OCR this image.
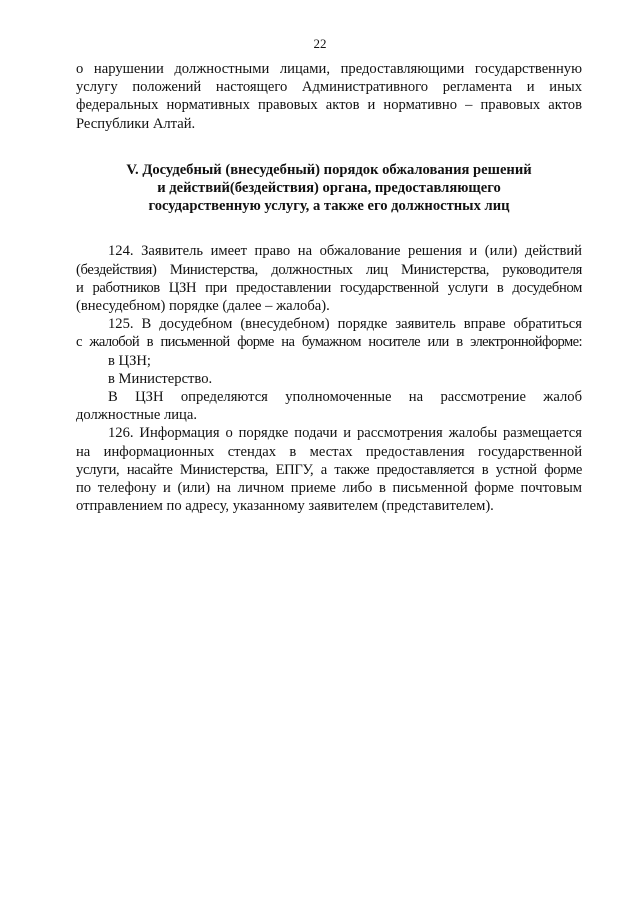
22

о нарушении должностными лицами, предоставляющими государственную
услугу положений настоящего Административного регламента и иных
федеральных нормативных правовых актов и нормативно – правовых актов
Республики Алтай.

V. Досудебный (внесудебный) порядок обжалования решений
и действий(бездействия) органа, предоставляющего
государственную услугу, а также его должностных лиц

124. Заявитель имеет право на обжалование решения и (или) действий
(бездействия) Министерства, должностных лиц Министерства, руководителя
и работников ЦЗН при предоставлении государственной услуги в досудебном
(внесудебном) порядке (далее – жалоба).

125. В досудебном (внесудебном) порядке заявитель вправе обратиться
с жалобой в письменной форме на бумажном носителе или в электроннойформе:

в ЦЗН;

в Министерство.

В ЦЗН определяются уполномоченные на рассмотрение жалоб
должностные лица.

126. Информация о порядке подачи и рассмотрения жалобы размещается
на информационных стендах в местах предоставления государственной
услуги, насайте Министерства, ЕПГУ, а также предоставляется в устной форме
по телефону и (или) на личном приеме либо в письменной форме почтовым
отправлением по адресу, указанному заявителем (представителем).
